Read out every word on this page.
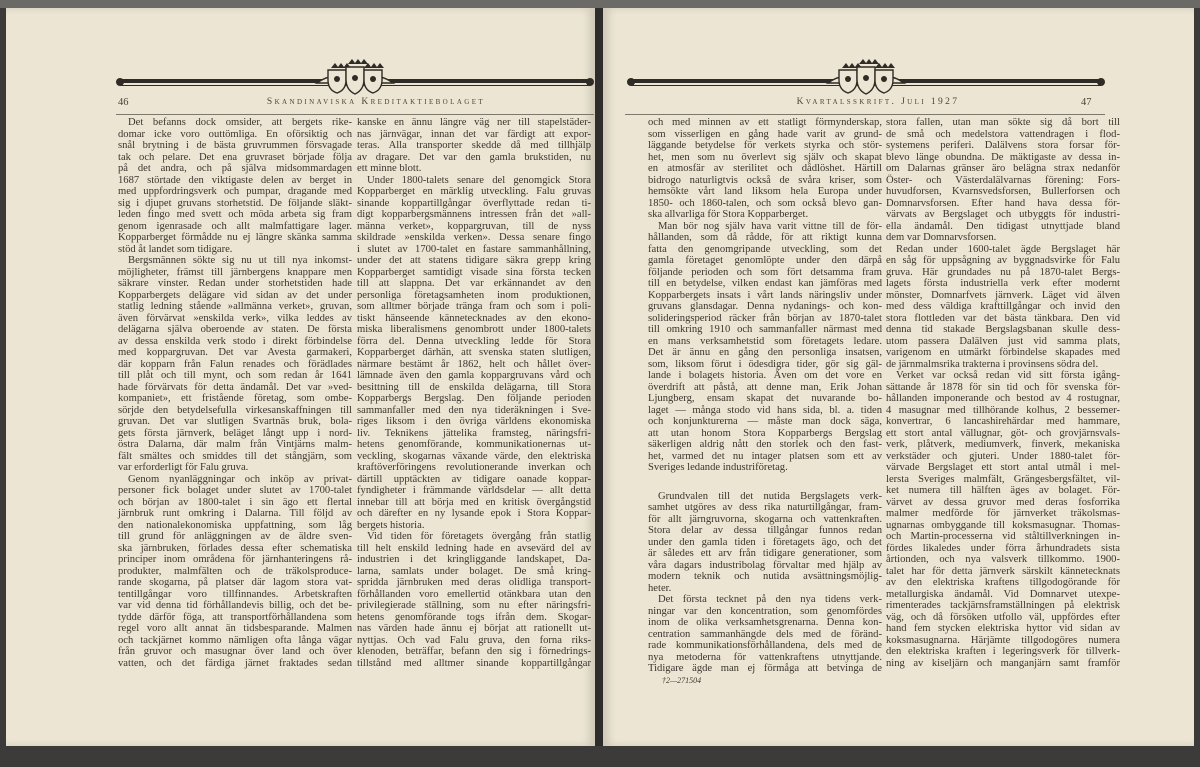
46	Skandinaviska Kreditaktiebolaget	Kvartalsskrift. Juli 1927	47
Det befanns dock omsider, att bergets rike-
domar icke voro outtömliga. En oförsiktig och
snål brytning i de bästa gruvrummen försvagade
tak och pelare. Det ena gruvraset började följa
på det andra, och på själva midsommardagen
1687 störtade den viktigaste delen av berget in
med uppfordringsverk och pumpar, dragande med
sig i djupet gruvans storhetstid. De följande släkt-
leden fingo med svett och möda arbeta sig fram
genom igenrasade och allt malmfattigare lager.
Kopparberget förmådde nu ej längre skänka samma
stöd åt landet som tidigare.
Bergsmännen sökte sig nu ut till nya inkomst-
möjligheter, främst till järnbergens knappare men
säkrare vinster. Redan under storhetstiden hade
Kopparbergets delägare vid sidan av det under
statlig ledning stående »allmänna verket», gruvan,
även förvärvat »enskilda verk», vilka leddes av
delägarna själva oberoende av staten. De första
av dessa enskilda verk stodo i direkt förbindelse
med koppargruvan. Det var Avesta garmakeri,
där kopparn från Falun renades och förädlades
till plåt och till mynt, och som redan år 1641
hade förvärvats för detta ändamål. Det var »ved-
kompaniet», ett fristående företag, som ombe-
sörjde den betydelsefulla virkesanskaffningen till
gruvan. Det var slutligen Svartnäs bruk, bola-
gets första järnverk, beläget långt upp i nord-
östra Dalarna, där malm från Vintjärns malm-
fält smältes och smiddes till det stångjärn, som
var erforderligt för Falu gruva.
Genom nyanläggningar och inköp av privat-
personer fick bolaget under slutet av 1700-talet
och början av 1800-talet i sin ägo ett flertal
järnbruk runt omkring i Dalarna. Till följd av
den nationalekonomiska uppfattning, som låg
till grund för anläggningen av de äldre sven-
ska järnbruken, förlades dessa efter schematiska
principer inom områdena för järnhanteringens rå-
produkter, malmfälten och de träkolsproduce-
rande skogarna, på platser där lagom stora vat-
tentillgångar voro tillfinnandes. Arbetskraften
var vid denna tid förhållandevis billig, och det be-
tydde därför föga, att transportförhållandena som
regel voro allt annat än tidsbesparande. Malmen
och tackjärnet kommo nämligen ofta långa vägar
från gruvor och masugnar över land och över
vatten, och det färdiga järnet fraktades sedan
kanske en ännu längre väg ner till stapelstäder-
nas järnvägar, innan det var färdigt att expor-
teras. Alla transporter skedde då med tillhjälp
av dragare. Det var den gamla brukstiden, nu
ett minne blott.
Under 1800-talets senare del genomgick Stora
Kopparberget en märklig utveckling. Falu gruvas
sinande koppartillgångar överflyttade redan ti-
digt kopparbergsmännens intressen från det »all-
männa verket», koppargruvan, till de nyss
skildrade »enskilda verken». Dessa senare fingo
i slutet av 1700-talet en fastare sammanhållning,
under det att statens tidigare säkra grepp kring
Kopparberget samtidigt visade sina första tecken
till att slappna. Det var erkännandet av den
personliga företagsamheten inom produktionen,
som alltmer började tränga fram och som i poli-
tiskt hänseende kännetecknades av den ekono-
miska liberalismens genombrott under 1800-talets
förra del. Denna utveckling ledde för Stora
Kopparberget därhän, att svenska staten slutligen,
närmare bestämt år 1862, helt och hållet över-
lämnade även den gamla koppargruvans vård och
besittning till de enskilda delägarna, till Stora
Kopparbergs Bergslag. Den följande perioden
sammanfaller med den nya tideräkningen i Sve-
riges liksom i den övriga världens ekonomiska
liv. Teknikens jättelika framsteg, näringsfri-
hetens genomförande, kommunikationernas ut-
veckling, skogarnas växande värde, den elektriska
kraftöverföringens revolutionerande inverkan och
därtill upptäckten av tidigare oanade koppar-
fyndigheter i främmande världsdelar — allt detta
innebar till att börja med en kritisk övergångstid
och därefter en ny lysande epok i Stora Koppar-
bergets historia.
Vid tiden för företagets övergång från statlig
till helt enskild ledning hade en avsevärd del av
industrien i det kringliggande landskapet, Da-
larna, samlats under bolaget. De små kring-
spridda järnbruken med deras olidliga transport-
förhållanden voro emellertid otänkbara utan den
privilegierade ställning, som nu efter näringsfri-
hetens genomförande togs ifrån dem. Skogar-
nas värden hade ännu ej börjat att rationellt ut-
nyttjas. Och vad Falu gruva, den forna riks-
klenoden, beträffar, befann den sig i förnedrings-
tillstånd med alltmer sinande koppartillgångar
och med minnen av ett statligt förmynderskap,
som visserligen en gång hade varit av grund-
läggande betydelse för verkets styrka och stör-
het, men som nu överlevt sig själv och skapat
en atmosfär av sterilitet och dådlöshet. Härtill
bidrogo naturligtvis också de svåra kriser, som
hemsökte vårt land liksom hela Europa under
1850- och 1860-talen, och som också blevo gan-
ska allvarliga för Stora Kopparberget.
Man bör nog själv hava varit vittne till de för-
hållanden, som då rådde, för att riktigt kunna
fatta den genomgripande utveckling, som det
gamla företaget genomlöpte under den därpå
följande perioden och som fört detsamma fram
till en betydelse, vilken endast kan jämföras med
Kopparbergets insats i vårt lands näringsliv under
gruvans glansdagar. Denna nydanings- och kon-
solideringsperiod räcker från början av 1870-talet
till omkring 1910 och sammanfaller närmast med
en mans verksamhetstid som företagets ledare.
Det är ännu en gång den personliga insatsen,
som, liksom förut i ödesdigra tider, gör sig gäl-
lande i bolagets historia. Även om det vore en
överdrift att påstå, att denne man, Erik Johan
Ljungberg, ensam skapat det nuvarande bo-
laget — många stodo vid hans sida, bl. a. tiden
och konjunkturerna — måste man dock säga,
att utan honom Stora Kopparbergs Bergslag
säkerligen aldrig nått den storlek och den fast-
het, varmed det nu intager platsen som ett av
Sveriges ledande industriföretag.
Grundvalen till det nutida Bergslagets verk-
samhet utgöres av dess rika naturtillgångar, fram-
för allt järngruvorna, skogarna och vattenkraften.
Stora delar av dessa tillgångar funnos redan
under den gamla tiden i företagets ägo, och det
är således ett arv från tidigare generationer, som
våra dagars industribolag förvaltar med hjälp av
modern teknik och nutida avsättningsmöjlig-
heter.
Det första tecknet på den nya tidens verk-
ningar var den koncentration, som genomfördes
inom de olika verksamhetsgrenarna. Denna kon-
centration sammanhängde dels med de föränd-
rade kommunikationsförhållandena, dels med de
nya metoderna för vattenkraftens utnyttjande.
Tidigare ägde man ej förmåga att betvinga de
†2—271504
stora fallen, utan man sökte sig då bort till
de små och medelstora vattendragen i flod-
systemens periferi. Dalälvens stora forsar för-
blevo länge obundna. De mäktigaste av dessa in-
om Dalarnas gränser äro belägna strax nedanför
Öster- och Västerdalälvarnas förening: Fors-
huvudforsen, Kvarnsvedsforsen, Bullerforsen och
Domnarvsforsen. Efter hand hava dessa för-
värvats av Bergslaget och utbyggts för industri-
ella ändamål. Den tidigast utnyttjade bland
dem var Domnarvsforsen.
Redan under 1600-talet ägde Bergslaget här
en såg för uppsågning av byggnadsvirke för Falu
gruva. Här grundades nu på 1870-talet Bergs-
lagets första industriella verk efter modernt
mönster, Domnarfvets järnverk. Läget vid älven
med dess väldiga krafttillgångar och invid den
stora flottleden var det bästa tänkbara. Den vid
denna tid stakade Bergslagsbanan skulle dess-
utom passera Dalälven just vid samma plats,
varigenom en utmärkt förbindelse skapades med
de järnmalmsrika trakterna i provinsens södra del.
Verket var också redan vid sitt första igång-
sättande år 1878 för sin tid och för svenska för-
hållanden imponerande och bestod av 4 rostugnar,
4 masugnar med tillhörande kolhus, 2 bessemer-
konvertrar, 6 lancashirehärdar med hammare,
ett stort antal vällugnar, göt- och grovjärnsvals-
verk, plåtverk, mediumverk, finverk, mekaniska
verkstäder och gjuteri. Under 1880-talet för-
värvade Bergslaget ett stort antal utmål i mel-
lersta Sveriges malmfält, Grängesbergsfältet, vil-
ket numera till hälften äges av bolaget. För-
värvet av dessa gruvor med deras fosforrika
malmer medförde för järnverket träkolsmas-
ugnarnas ombyggande till koksmasugnar. Thomas-
och Martin-processerna vid ståltillverkningen in-
fördes likaledes under förra århundradets sista
årtionden, och nya valsverk tillkommo. 1900-
talet har för detta järnverk särskilt kännetecknats
av den elektriska kraftens tillgodogörande för
metallurgiska ändamål. Vid Domnarvet utexpe-
rimenterades tackjärnsframställningen på elektrisk
väg, och då försöken utfollo väl, uppfördes efter
hand fem stycken elektriska hyttor vid sidan av
koksmasugnarna. Härjämte tillgodogöres numera
den elektriska kraften i legeringsverk för tillverk-
ning av kiseljärn och manganjärn samt framför
